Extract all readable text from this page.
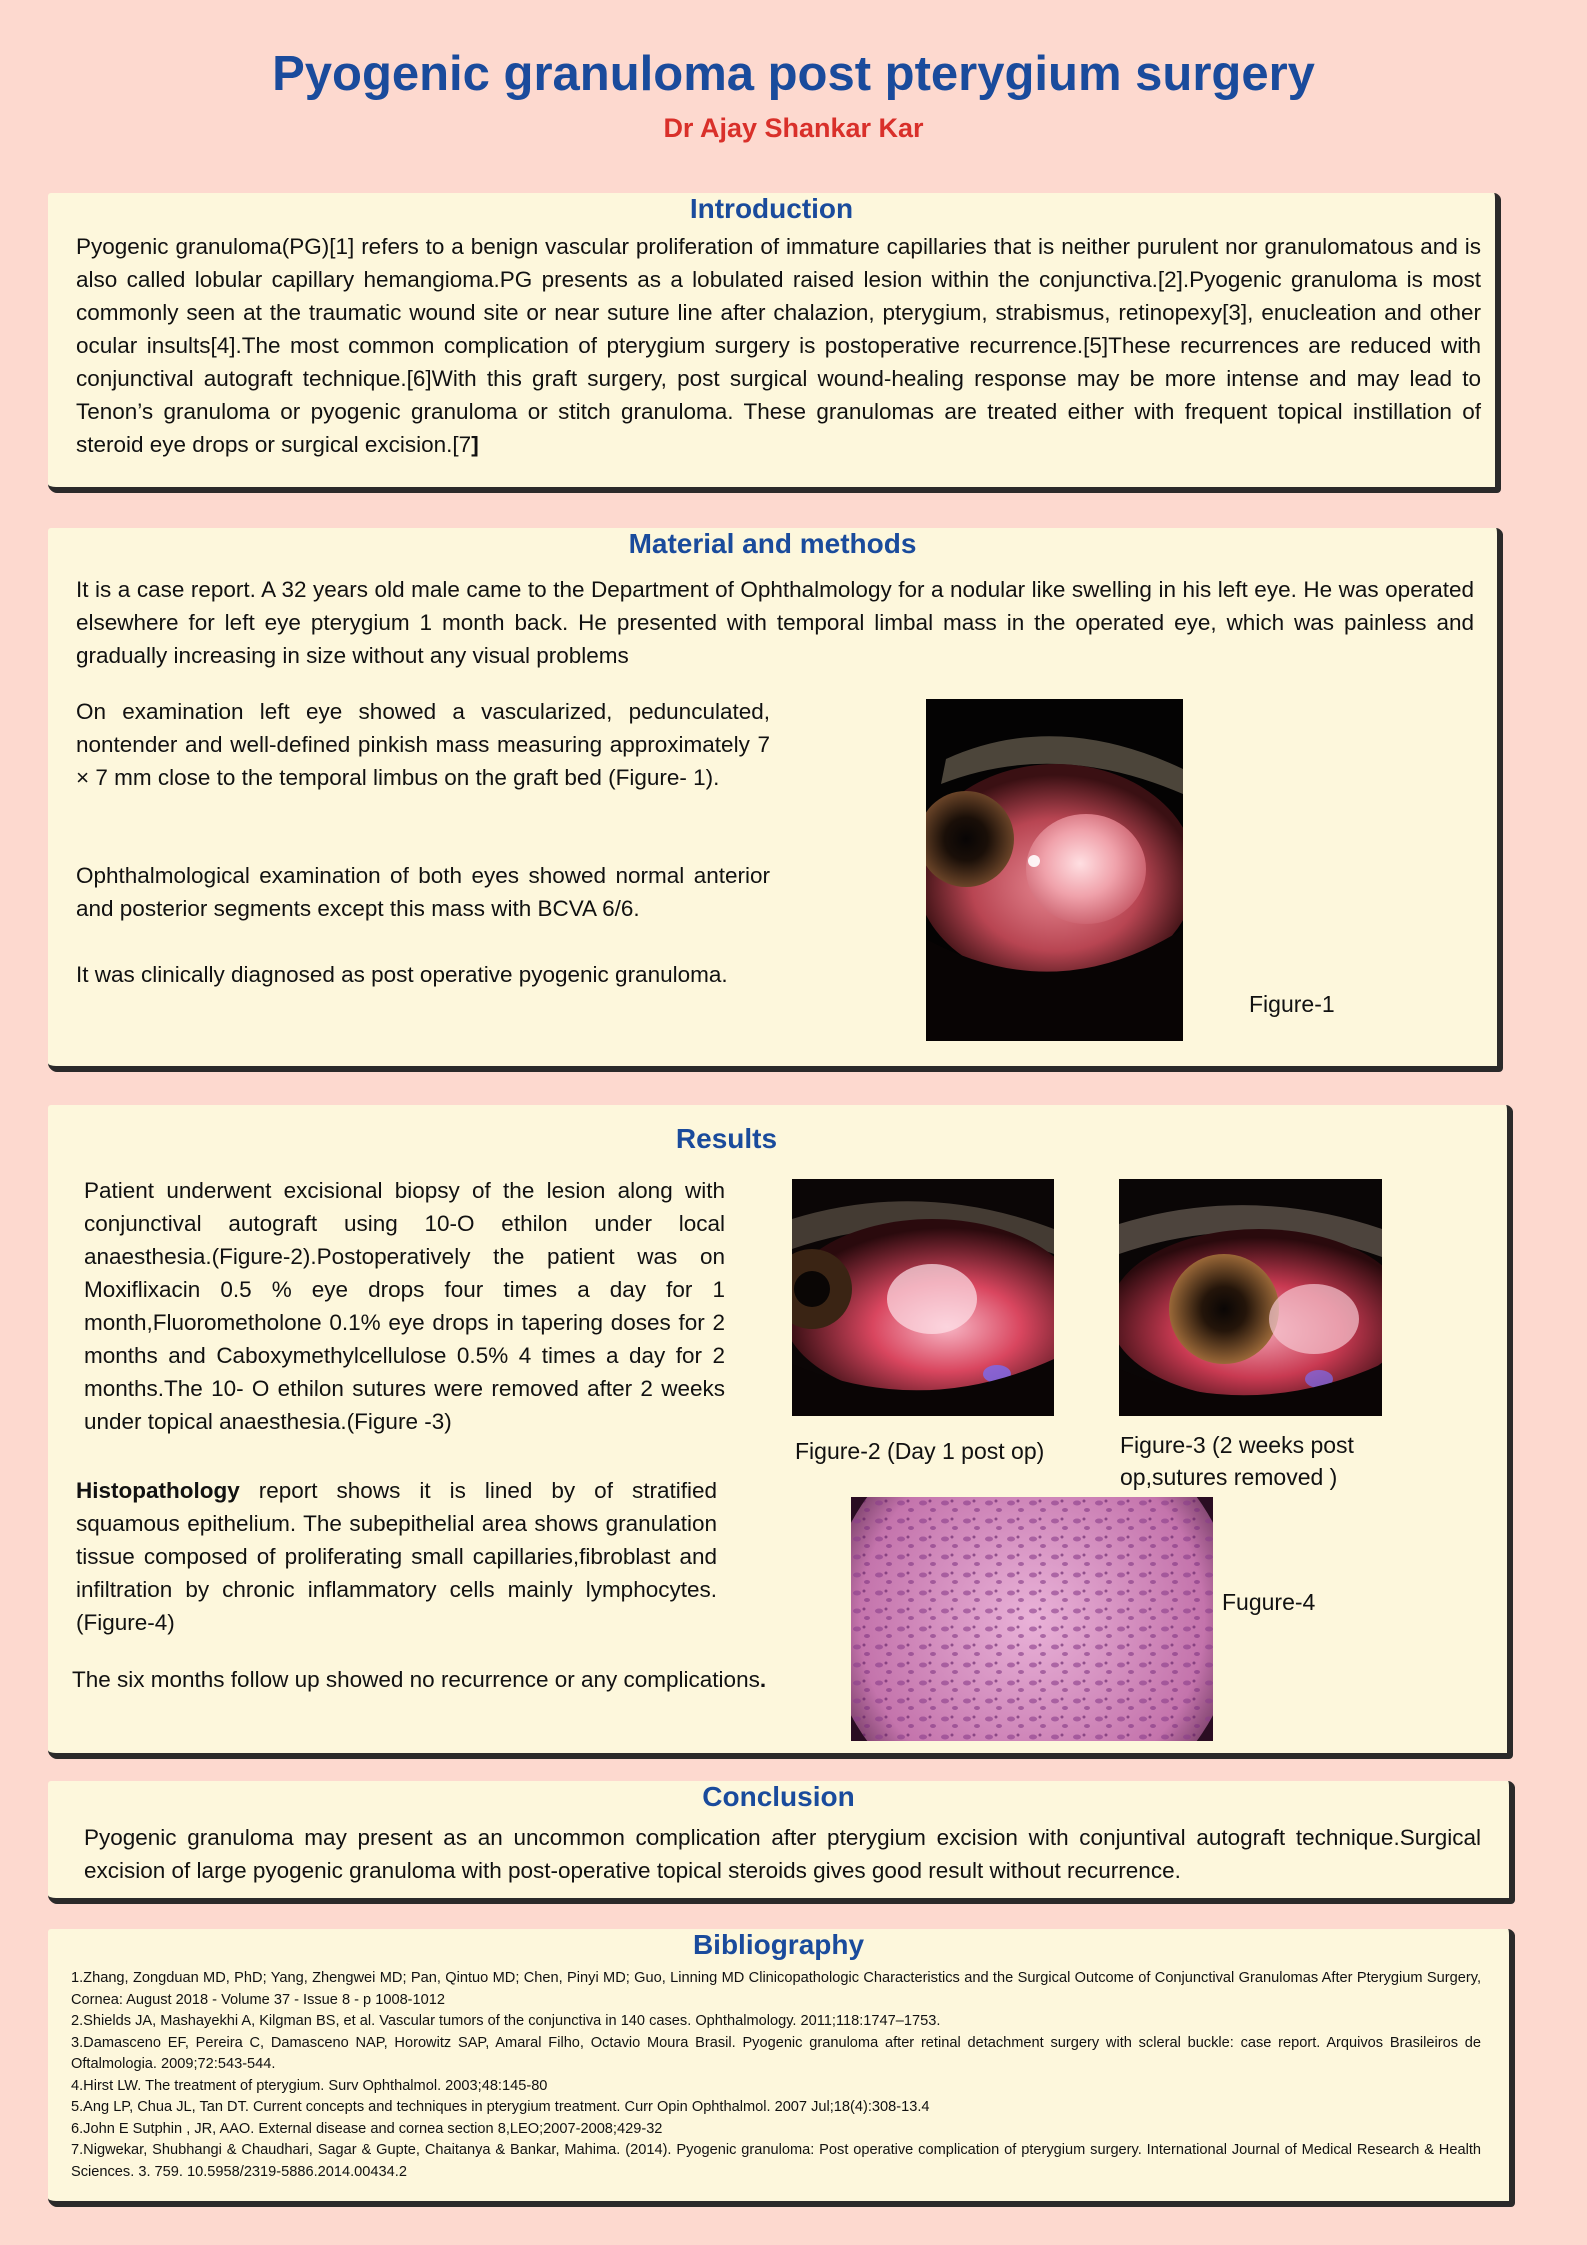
Pyogenic granuloma post pterygium surgery
Dr Ajay Shankar Kar
Introduction

Pyogenic granuloma(PG)[1] refers to a benign vascular proliferation of immature capillaries that is neither purulent nor granulomatous and is also called lobular capillary hemangioma.PG presents as a lobulated raised lesion within the conjunctiva.[2].Pyogenic granuloma is most commonly seen at the traumatic wound site or near suture line after chalazion, pterygium, strabismus, retinopexy[3], enucleation and other ocular insults[4].The most common complication of pterygium surgery is postoperative recurrence.[5]These recurrences are reduced with conjunctival autograft technique.[6]With this graft surgery, post surgical wound-healing response may be more intense and may lead to Tenon’s granuloma or pyogenic granuloma or stitch granuloma. These granulomas are treated either with frequent topical instillation of steroid eye drops or surgical excision.[7]

Material and methods

It is a case report. A 32 years old male came to the Department of Ophthalmology for a nodular like swelling in his left eye. He was operated elsewhere for left eye pterygium 1 month back. He presented with temporal limbal mass in the operated eye, which was painless and gradually increasing in size without any visual problems

On examination left eye showed a vascularized, pedunculated, nontender and well-defined pinkish mass measuring approximately 7 × 7 mm close to the temporal limbus on the graft bed (Figure- 1).

Ophthalmological examination of both eyes showed normal anterior and posterior segments except this mass with BCVA 6/6.

It was clinically diagnosed as post operative pyogenic granuloma.

Figure-1
Results

Patient underwent excisional biopsy of the lesion along with conjunctival autograft using 10-O ethilon under local anaesthesia.(Figure-2).Postoperatively the patient was on Moxiflixacin 0.5 % eye drops four times a day for 1 month,Fluorometholone 0.1% eye drops in tapering doses for 2 months and Caboxymethylcellulose 0.5% 4 times a day for 2 months.The 10- O ethilon sutures were removed after 2 weeks under topical anaesthesia.(Figure -3)

Histopathology report shows it is lined by of stratified squamous epithelium. The subepithelial area shows granulation tissue composed of proliferating small capillaries,fibroblast and infiltration by chronic inflammatory cells mainly lymphocytes.(Figure-4)

The six months follow up showed no recurrence or any complications.

Figure-2 (Day 1 post op)	Figure-3 (2 weeks post op,sutures removed )
Fugure-4
Conclusion

Pyogenic granuloma may present as an uncommon complication after pterygium excision with conjuntival autograft technique.Surgical excision of large pyogenic granuloma with post-operative topical steroids gives good result without recurrence.

Bibliography

1.Zhang, Zongduan MD, PhD; Yang, Zhengwei MD; Pan, Qintuo MD; Chen, Pinyi MD; Guo, Linning MD Clinicopathologic Characteristics and the Surgical Outcome of Conjunctival Granulomas After Pterygium Surgery, Cornea: August 2018 - Volume 37 - Issue 8 - p 1008-1012

2.Shields JA, Mashayekhi A, Kilgman BS, et al. Vascular tumors of the conjunctiva in 140 cases. Ophthalmology. 2011;118:1747–1753.

3.Damasceno EF, Pereira C, Damasceno NAP, Horowitz SAP, Amaral Filho, Octavio Moura Brasil. Pyogenic granuloma after retinal detachment surgery with scleral buckle: case report. Arquivos Brasileiros de Oftalmologia. 2009;72:543-544.

4.Hirst LW. The treatment of pterygium. Surv Ophthalmol. 2003;48:145-80

5.Ang LP, Chua JL, Tan DT. Current concepts and techniques in pterygium treatment. Curr Opin Ophthalmol. 2007 Jul;18(4):308-13.4

6.John E Sutphin , JR, AAO. External disease and cornea section 8,LEO;2007-2008;429-32

7.Nigwekar, Shubhangi & Chaudhari, Sagar & Gupte, Chaitanya & Bankar, Mahima. (2014). Pyogenic granuloma: Post operative complication of pterygium surgery. International Journal of Medical Research & Health Sciences. 3. 759. 10.5958/2319-5886.2014.00434.2
